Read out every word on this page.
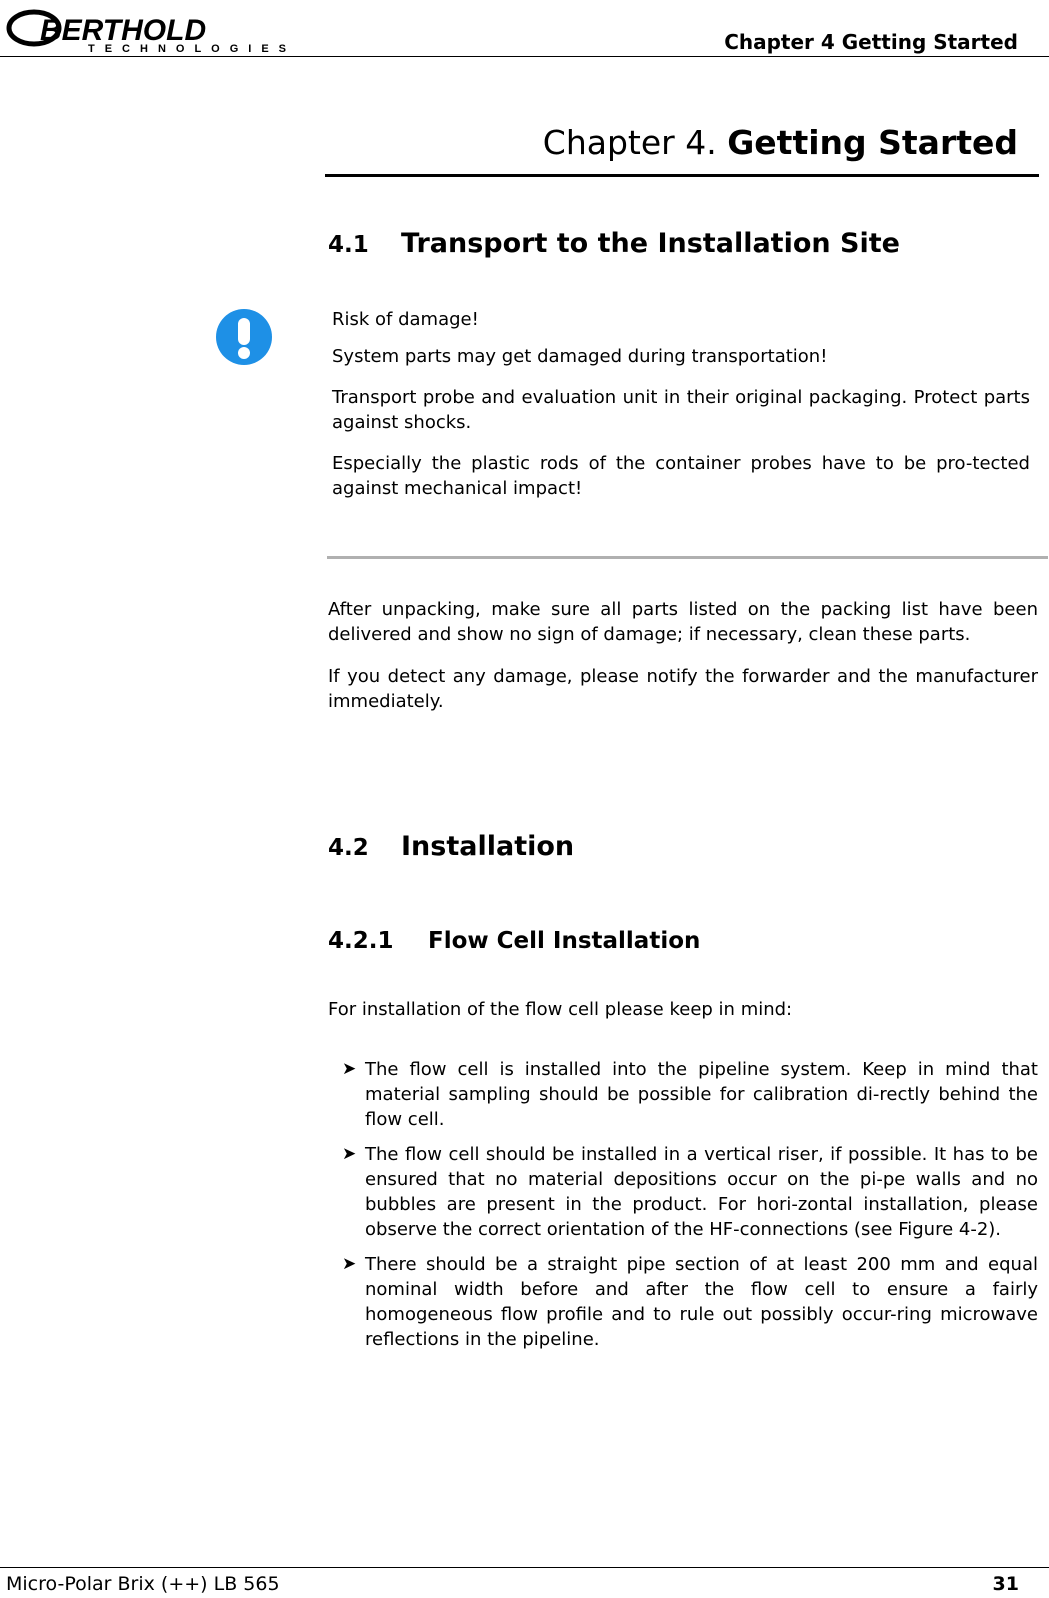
BERTHOLD
TECHNOLOGIES	Chapter 4 Getting Started
Chapter 4. Getting Started
4.1 Transport to the Installation Site

Risk of damage!

System parts may get damaged during transportation!

Transport probe and evaluation unit in their original packaging. Protect parts against shocks.

Especially the plastic rods of the container probes have to be pro-tected against mechanical impact!

After unpacking, make sure all parts listed on the packing list have been delivered and show no sign of damage; if necessary, clean these parts.

If you detect any damage, please notify the forwarder and the manufacturer immediately.

4.2 Installation
4.2.1 Flow Cell Installation

For installation of the flow cell please keep in mind:

➤ The flow cell is installed into the pipeline system. Keep in mind that material sampling should be possible for calibration di-rectly behind the flow cell.
➤ The flow cell should be installed in a vertical riser, if possible. It has to be ensured that no material depositions occur on the pi-pe walls and no bubbles are present in the product. For hori-zontal installation, please observe the correct orientation of the HF-connections (see Figure 4-2).
➤ There should be a straight pipe section of at least 200 mm and equal nominal width before and after the flow cell to ensure a fairly homogeneous flow profile and to rule out possibly occur-ring microwave reflections in the pipeline.
Micro-Polar Brix (++) LB 565	31
